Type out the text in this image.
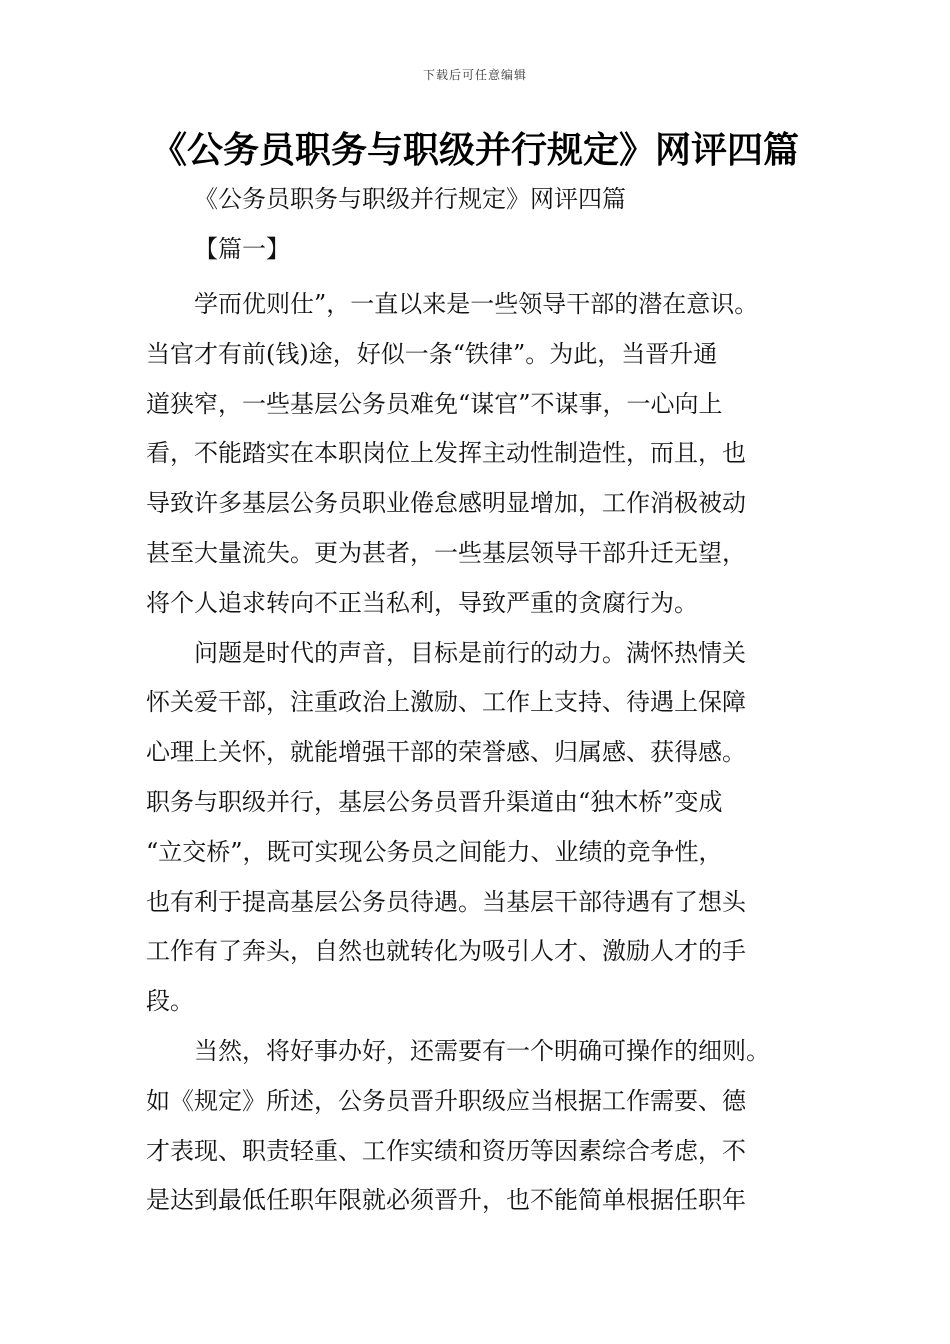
下载后可任意编辑
《公务员职务与职级并行规定》网评四篇
《公务员职务与职级并行规定》网评四篇
【篇一】
学而优则仕”，一直以来是一些领导干部的潜在意识。
当官才有前(钱)途，好似一条“铁律”。为此，当晋升通
道狭窄，一些基层公务员难免“谋官”不谋事，一心向上
看，不能踏实在本职岗位上发挥主动性制造性，而且，也
导致许多基层公务员职业倦怠感明显增加，工作消极被动
甚至大量流失。更为甚者，一些基层领导干部升迁无望，
将个人追求转向不正当私利，导致严重的贪腐行为。
问题是时代的声音，目标是前行的动力。满怀热情关
怀关爱干部，注重政治上激励、工作上支持、待遇上保障
心理上关怀，就能增强干部的荣誉感、归属感、获得感。
职务与职级并行，基层公务员晋升渠道由“独木桥”变成
“立交桥”，既可实现公务员之间能力、业绩的竞争性，
也有利于提高基层公务员待遇。当基层干部待遇有了想头
工作有了奔头，自然也就转化为吸引人才、激励人才的手
段。
当然，将好事办好，还需要有一个明确可操作的细则。
如《规定》所述，公务员晋升职级应当根据工作需要、德
才表现、职责轻重、工作实绩和资历等因素综合考虑，不
是达到最低任职年限就必须晋升，也不能简单根据任职年
